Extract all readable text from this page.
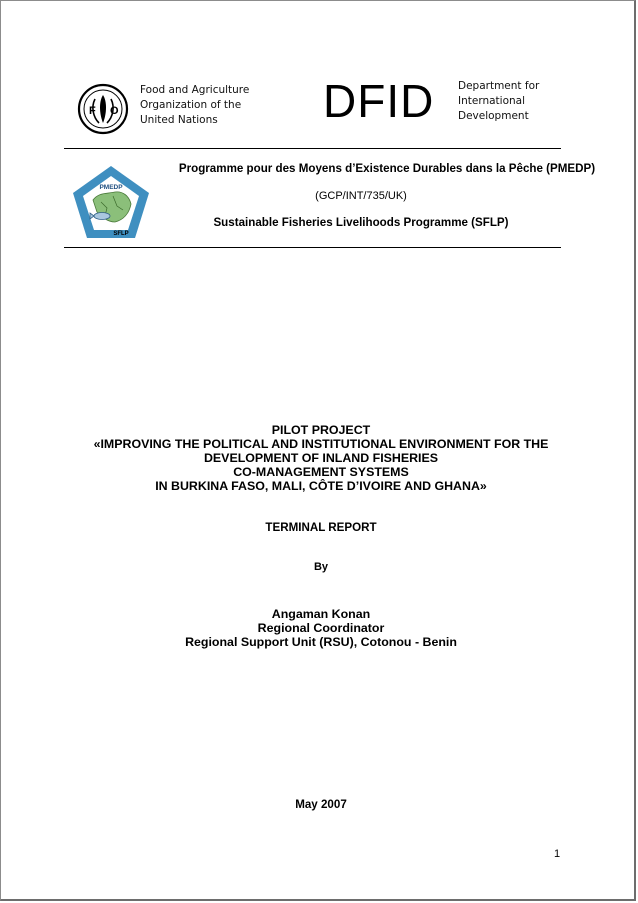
F O
Food and Agriculture
Organization of the
United Nations	DFID Department for
International
Development
PMEDP
SFLP
Programme pour des Moyens d’Existence Durables dans la Pêche (PMEDP)
(GCP/INT/735/UK)
Sustainable Fisheries Livelihoods Programme (SFLP)
PILOT PROJECT
«IMPROVING THE POLITICAL AND INSTITUTIONAL ENVIRONMENT FOR THE
DEVELOPMENT OF INLAND FISHERIES
CO-MANAGEMENT SYSTEMS
IN BURKINA FASO, MALI, CÔTE D’IVOIRE AND GHANA»
TERMINAL REPORT
By
Angaman Konan
Regional Coordinator
Regional Support Unit (RSU), Cotonou - Benin
May 2007
1
